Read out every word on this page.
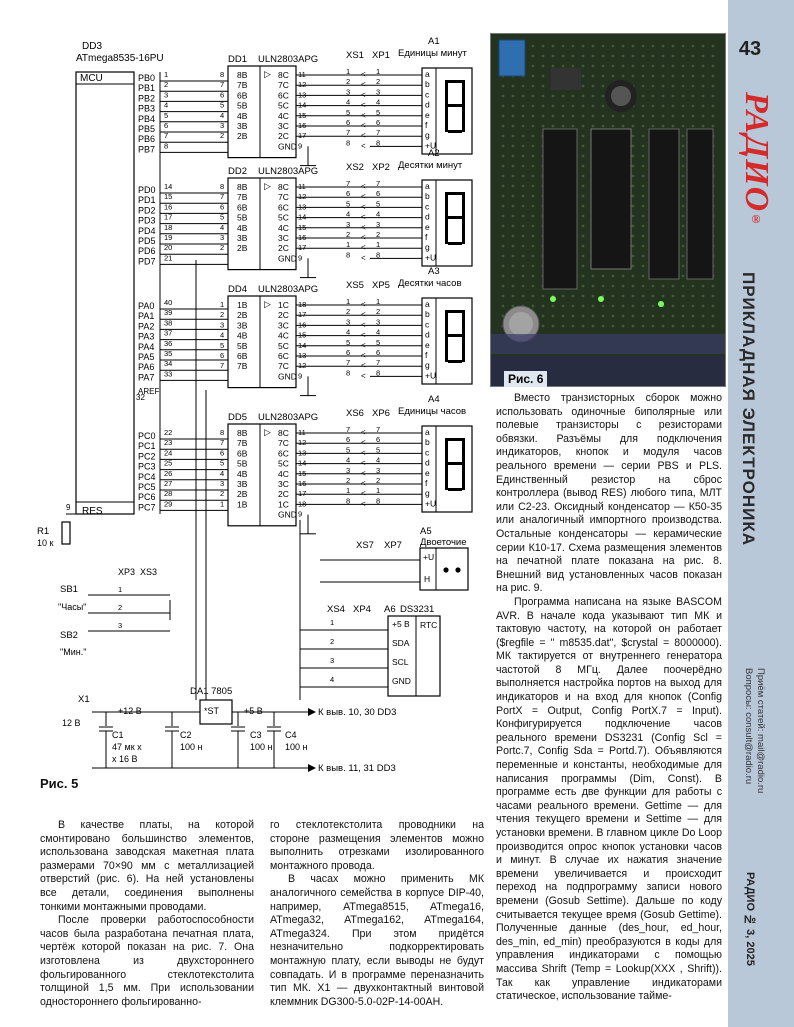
MCU
DD3
ATmega8535-16PU
RES
32
AREF
PB0 1
PB1 2
PB2 3
PB3 4
PB4 5
PB5 6
PB6 7
PB7 8
PD0 14
PD1 15
PD2 16
PD3 17
PD4 18
PD5 19
PD6 20
PD7 21
PA0 40
PA1 39
PA2 38
PA3 37
PA4 36
PA5 35
PA6 34
PA7 33
PC0 22
PC1 23
PC2 24
PC3 25
PC4 26
PC5 27
PC6 28
PC7 29
DD1 ULN2803APG
▷
8B
8
7B
7
6B
6
5B
5
4B
4
3B
3
2B
2
8C 11
7C 12
6C 13
5C 14
4C 15
3C 16
2C 17
GND 9
DD2 ULN2803APG
▷
8B
8
7B
7
6B
6
5B
5
4B
4
3B
3
2B
2
8C 11
7C 12
6C 13
5C 14
4C 15
3C 16
2C 17
GND 9
DD4 ULN2803APG
▷
1B
1
2B
2
3B
3
4B
4
5B
5
6B
6
7B
7
1C 18
2C 17
3C 16
4C 15
5C 14
6C 13
7C 12
GND 9
DD5 ULN2803APG
▷
8B
8
7B
7
6B
6
5B
5
4B
4
3B
3
2B
2
1B
1
8C 11
7C 12
6C 13
5C 14
4C 15
3C 16
2C 17
1C 18
GND 9
XS1 XP1
1	1
<
2	2
<
3	3
<
4	4
<
5	5
<
6	6
<
7	7
<
8	8
<
A1
Единицы минут
a
b
c
d
e
f
g
+U
XS2 XP2
7	7
<
6	6
<
5	5
<
4	4
<
3	3
<
2	2
<
1	1
<
8	8
<
A2
Десятки минут
a
b
c
d
e
f
g
+U
XS5 XP5
1	1
<
2	2
<
3	3
<
4	4
<
5	5
<
6	6
<
7	7
<
8	8
<
A3
Десятки часов
a
b
c
d
e
f
g
+U
XS6 XP6
7	7
<
6	6
<
5	5
<
4	4
<
3	3
<
2	2
<
1	1
<
8	8
<
A4
Единицы часов
a
b
c
d
e
f
g
+U
A5
Двоеточие
+U
H
XS7 XP7
XP3 XS3
SB1
"Часы"
SB2
"Мин."
1
2
3
XS4 XP4 A6 DS3231
+5 В
1
SDA
2
SCL
3
GND
4
RTC
R1
10 к
9
X1
12 В
+12 В
DA1 7805
*ST	+5 В
C1
47 мк х
х 16 В
C2
100 н
C3
100 н
C4
100 н
К выв. 10, 30 DD3
К выв. 11, 31 DD3
Рис. 5
Рис. 6

В качестве платы, на которой смонтировано большинство элементов, использована заводская макетная плата размерами 70×90 мм с металлизацией отверстий (рис. 6). На ней установлены все детали, соединения выполнены тонкими монтажными проводами.

После проверки работоспособности часов была разработана печатная плата, чертёж которой показан на рис. 7. Она изготовлена из двухстороннего фольгированного стеклотекстолита толщиной 1,5 мм. При использовании одностороннего фольгированно-

го стеклотекстолита проводники на стороне размещения элементов можно выполнить отрезками изолированного монтажного провода.

В часах можно применить МК аналогичного семейства в корпусе DIP-40, например, ATmega8515, ATmega16, ATmega32, ATmega162, ATmega164, ATmega324. При этом придётся незначительно подкорректировать монтажную плату, если выводы не будут совпадать. И в программе переназначить тип МК. X1 — двухконтактный винтовой клеммник DG300-5.0-02P-14-00AH.

Вместо транзисторных сборок можно использовать одиночные биполярные или полевые транзисторы с резисторами обвязки. Разъёмы для подключения индикаторов, кнопок и модуля часов реального времени — серии PBS и PLS. Единственный резистор на сброс контроллера (вывод RES) любого типа, МЛТ или С2-23. Оксидный конденсатор — К50-35 или аналогичный импортного производства. Остальные конденсаторы — керамические серии К10-17. Схема размещения элементов на печатной плате показана на рис. 8. Внешний вид установленных часов показан на рис. 9.

Программа написана на языке BASCOM AVR. В начале кода указывают тип МК и тактовую частоту, на которой он работает ($regfile = " m8535.dat", $crystal = 8000000). МК тактируется от внутреннего генератора частотой 8 МГц. Далее поочерёдно выполняется настройка портов на выход для индикаторов и на вход для кнопок (Config PortX = Output, Config PortX.7 = Input). Конфигурируется подключение часов реального времени DS3231 (Config Scl = Portc.7, Config Sda = Portd.7). Объявляются переменные и константы, необходимые для написания программы (Dim, Const). В программе есть две функции для работы с часами реального времени. Gettime — для чтения текущего времени и Settime — для установки времени. В главном цикле Do Loop производится опрос кнопок установки часов и минут. В случае их нажатия значение времени увеличивается и происходит переход на подпрограмму записи нового времени (Gosub Settime). Дальше по коду считывается текущее время (Gosub Gettime). Полученные данные (des_hour, ed_hour, des_min, ed_min) преобразуются в коды для управления индикаторами с помощью массива Shrift (Temp = Lookup(XXX , Shrift)). Так как управление индикаторами статическое, использование тайме-

43
РАДИО®
ПРИКЛАДНАЯ ЭЛЕКТРОНИКА
Приём статей: mail@radio.ru
Вопросы: consult@radio.ru
РАДИО № 3, 2025
